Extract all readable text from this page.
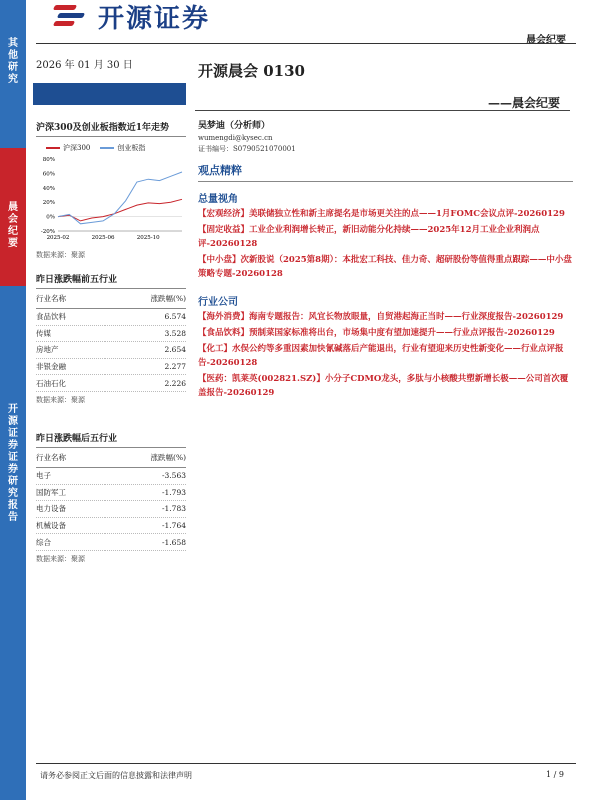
其他研究
晨会纪要
开源证券 证券研究报告
开源证券
晨会纪要
2026 年 01 月 30 日	开源晨会 0130
——晨会纪要
沪深300及创业板指数近1年走势
沪深300	创业板指
80%
60%
40%
20%
0%
-20%
2025-02	2025-06	2025-10
数据来源：聚源
昨日涨跌幅前五行业
行业名称	涨跌幅(%)
食品饮料	6.574
传媒	3.528
房地产	2.654
非银金融	2.277
石油石化	2.226
数据来源：聚源
昨日涨跌幅后五行业
行业名称	涨跌幅(%)
电子	-3.563
国防军工	-1.793
电力设备	-1.783
机械设备	-1.764
综合	-1.658
数据来源：聚源
吴梦迪（分析师）
wumengdi@kysec.cn
证书编号：S0790521070001
观点精粹
总量视角
【宏观经济】美联储独立性和新主席提名是市场更关注的点——1月FOMC会议点评-20260129
【固定收益】工业企业利润增长转正，新旧动能分化持续——2025年12月工业企业利润点评-20260128
【中小盘】次新股说（2025第8期）：本批宏工科技、佳力奇、超研股份等值得重点跟踪——中小盘策略专题-20260128
行业公司
【海外消费】海南专题报告：风宜长物放眼量，自贸港起海正当时——行业深度报告-20260129
【食品饮料】预制菜国家标准将出台，市场集中度有望加速提升——行业点评报告-20260129
【化工】水俣公约等多重因素加快氰碱落后产能退出，行业有望迎来历史性新变化——行业点评报告-20260128
【医药：凯莱英(002821.SZ)】小分子CDMO龙头，多肽与小核酸共塑新增长极——公司首次覆盖报告-20260129
请务必参阅正文后面的信息披露和法律声明	1 / 9
